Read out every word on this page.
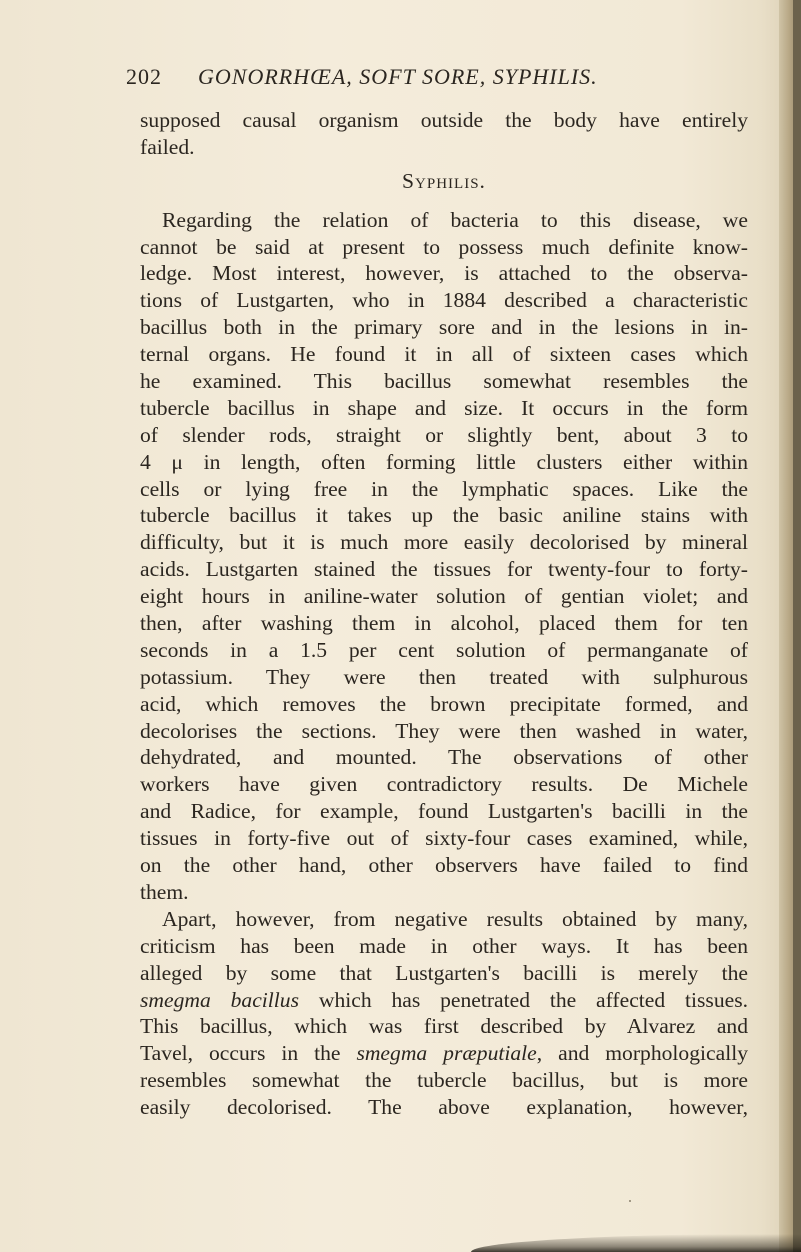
202 GONORRHŒA, SOFT SORE, SYPHILIS.
supposed causal organism outside the body have entirely
failed.
Syphilis.
Regarding the relation of bacteria to this disease, we
cannot be said at present to possess much definite know-
ledge. Most interest, however, is attached to the observa-
tions of Lustgarten, who in 1884 described a characteristic
bacillus both in the primary sore and in the lesions in in-
ternal organs. He found it in all of sixteen cases which
he examined. This bacillus somewhat resembles the
tubercle bacillus in shape and size. It occurs in the form
of slender rods, straight or slightly bent, about 3 to
4 μ in length, often forming little clusters either within
cells or lying free in the lymphatic spaces. Like the
tubercle bacillus it takes up the basic aniline stains with
difficulty, but it is much more easily decolorised by mineral
acids. Lustgarten stained the tissues for twenty-four to forty-
eight hours in aniline-water solution of gentian violet; and
then, after washing them in alcohol, placed them for ten
seconds in a 1.5 per cent solution of permanganate of
potassium. They were then treated with sulphurous
acid, which removes the brown precipitate formed, and
decolorises the sections. They were then washed in water,
dehydrated, and mounted. The observations of other
workers have given contradictory results. De Michele
and Radice, for example, found Lustgarten's bacilli in the
tissues in forty-five out of sixty-four cases examined, while,
on the other hand, other observers have failed to find
them.
Apart, however, from negative results obtained by many,
criticism has been made in other ways. It has been
alleged by some that Lustgarten's bacilli is merely the
smegma bacillus which has penetrated the affected tissues.
This bacillus, which was first described by Alvarez and
Tavel, occurs in the smegma præputiale, and morphologically
resembles somewhat the tubercle bacillus, but is more
easily decolorised. The above explanation, however,
